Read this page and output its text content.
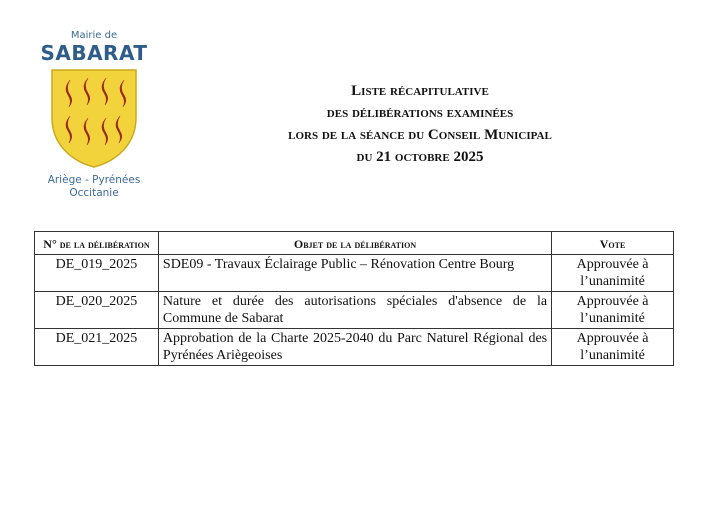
Mairie de
SABARAT
Ariège - Pyrénées
Occitanie
Liste récapitulative
des délibérations examinées
lors de la séance du Conseil Municipal
du 21 octobre 2025
N° de la délibération	Objet de la délibération	Vote
DE_019_2025	SDE09 - Travaux Éclairage Public – Rénovation Centre Bourg	Approuvée à l’unanimité
DE_020_2025	Nature et durée des autorisations spéciales d'absence de la Commune de Sabarat	Approuvée à l’unanimité
DE_021_2025	Approbation de la Charte 2025-2040 du Parc Naturel Régional des Pyrénées Ariègeoises	Approuvée à l’unanimité
